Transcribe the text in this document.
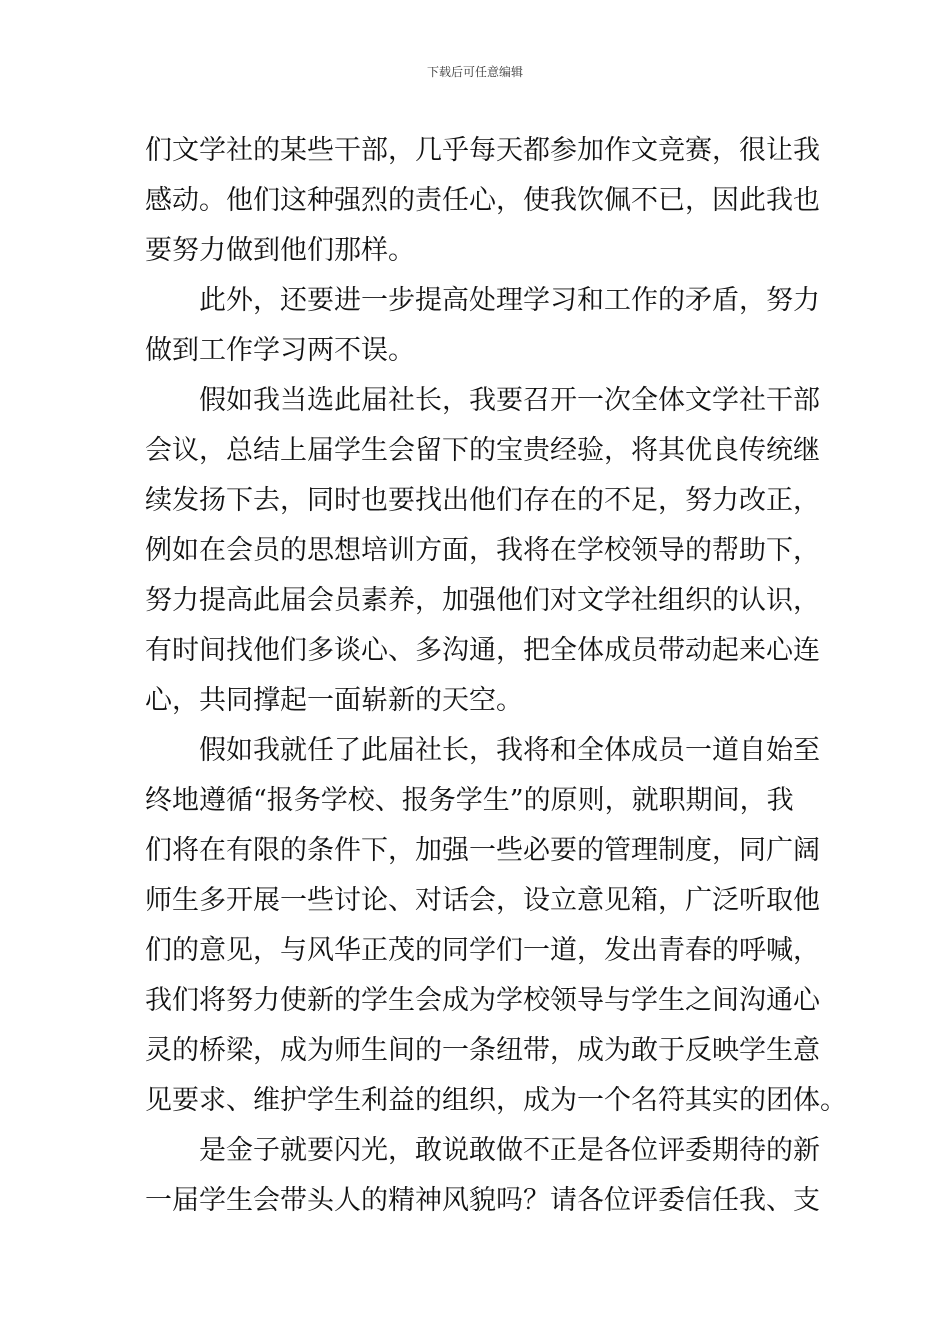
下载后可任意编辑
们文学社的某些干部，几乎每天都参加作文竞赛，很让我
感动。他们这种强烈的责任心，使我饮佩不已，因此我也
要努力做到他们那样。
此外，还要进一步提高处理学习和工作的矛盾，努力
做到工作学习两不误。
假如我当选此届社长，我要召开一次全体文学社干部
会议，总结上届学生会留下的宝贵经验，将其优良传统继
续发扬下去，同时也要找出他们存在的不足，努力改正，
例如在会员的思想培训方面，我将在学校领导的帮助下，
努力提高此届会员素养，加强他们对文学社组织的认识，
有时间找他们多谈心、多沟通，把全体成员带动起来心连
心，共同撑起一面崭新的天空。
假如我就任了此届社长，我将和全体成员一道自始至
终地遵循“报务学校、报务学生”的原则，就职期间，我
们将在有限的条件下，加强一些必要的管理制度，同广阔
师生多开展一些讨论、对话会，设立意见箱，广泛听取他
们的意见，与风华正茂的同学们一道，发出青春的呼喊，
我们将努力使新的学生会成为学校领导与学生之间沟通心
灵的桥梁，成为师生间的一条纽带，成为敢于反映学生意
见要求、维护学生利益的组织，成为一个名符其实的团体。
是金子就要闪光，敢说敢做不正是各位评委期待的新
一届学生会带头人的精神风貌吗？请各位评委信任我、支
